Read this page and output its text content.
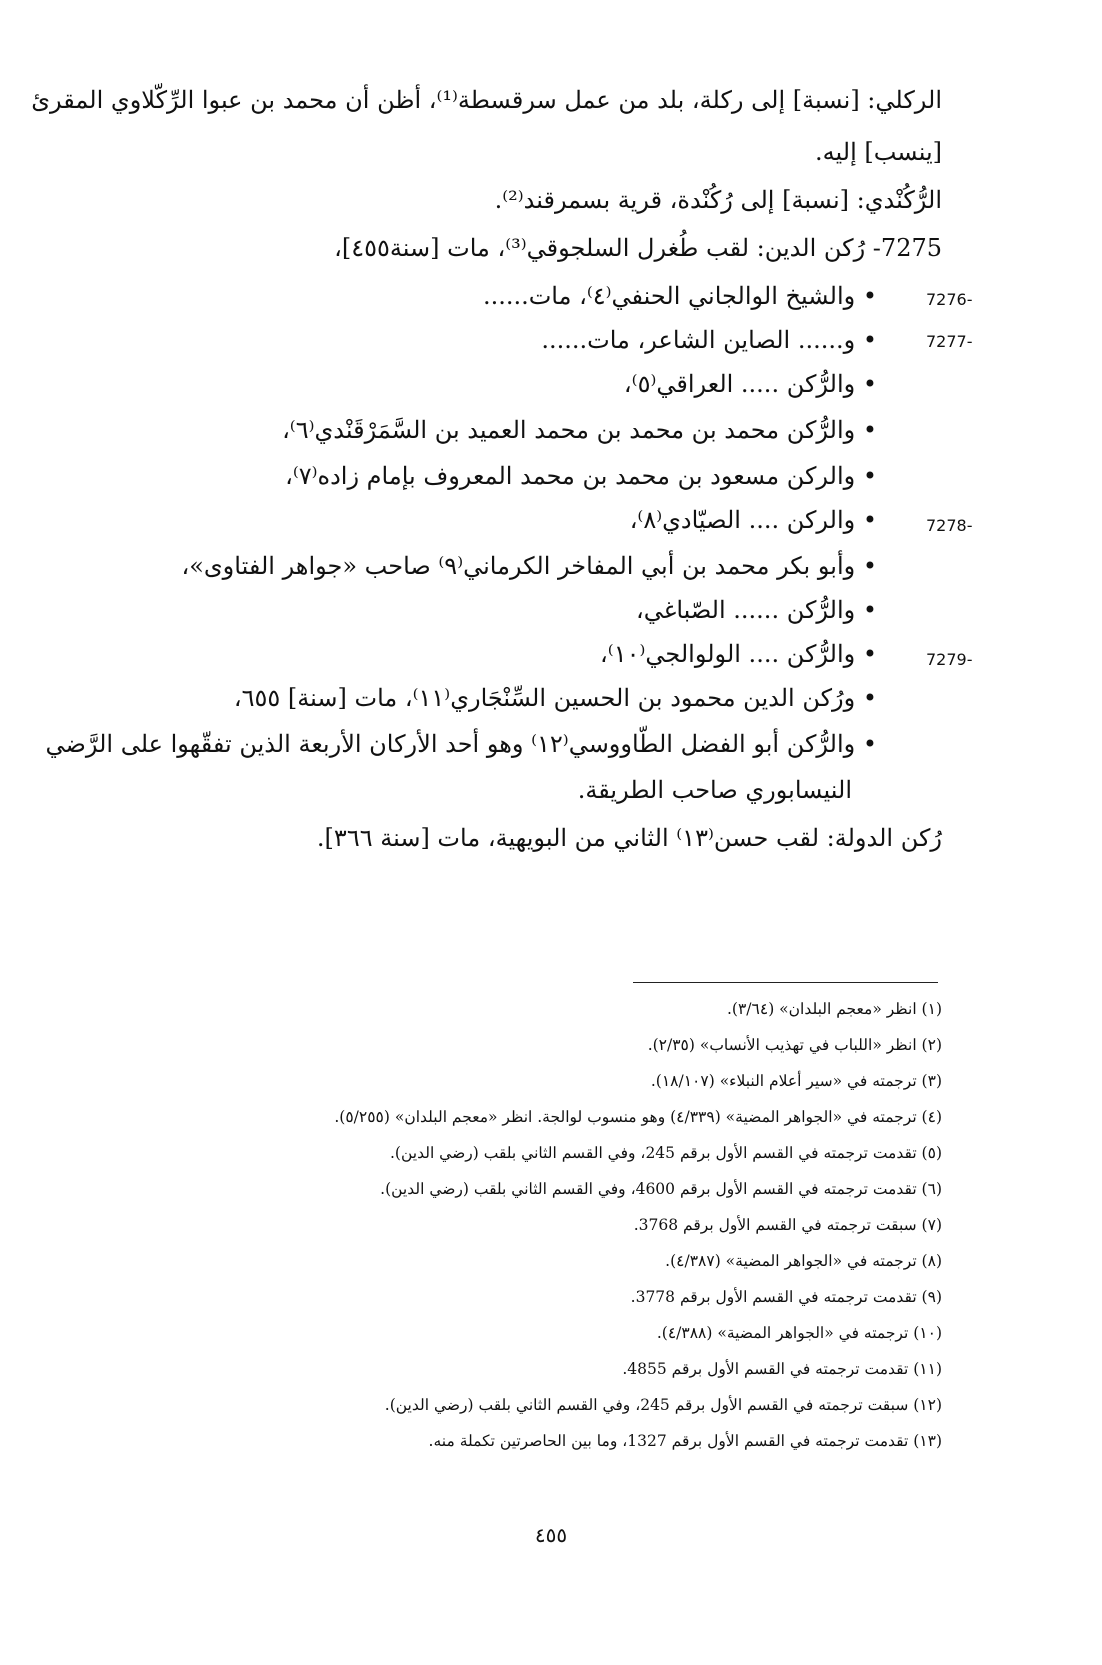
الركلي: [نسبة] إلى ركلة، بلد من عمل سرقسطة⁽¹⁾، أظن أن محمد بن عبوا الرِّكّلاوي المقرئ
[ينسب] إليه.
الرُّكُنْدي: [نسبة] إلى رُكُنْدة، قرية بسمرقند⁽²⁾.
7275- رُكن الدين: لقب طُغرل السلجوقي⁽³⁾، مات [سنة٤٥٥]،
7276-
• والشيخ الوالجاني الحنفي⁽٤⁾، مات......
7277-
• و...... الصاين الشاعر، مات......
• والرُّكن ..... العراقي⁽٥⁾،
• والرُّكن محمد بن محمد بن محمد العميد بن السَّمَرْقَنْدي⁽٦⁾،
• والركن مسعود بن محمد بن محمد المعروف بإمام زاده⁽٧⁾،
7278-
• والركن .... الصيّادي⁽٨⁾،
• وأبو بكر محمد بن أبي المفاخر الكرماني⁽٩⁾ صاحب «جواهر الفتاوى»،
• والرُّكن ...... الصّباغي،
7279-
• والرُّكن .... الولوالجي⁽١٠⁾،
• ورُكن الدين محمود بن الحسين السِّنْجَاري⁽١١⁾، مات [سنة] ٦٥٥،
• والرُّكن أبو الفضل الطّاووسي⁽١٢⁾ وهو أحد الأركان الأربعة الذين تفقّهوا على الرَّضي
النيسابوري صاحب الطريقة.
رُكن الدولة: لقب حسن⁽١٣⁾ الثاني من البويهية، مات [سنة ٣٦٦].
(١) انظر «معجم البلدان» (٣/٦٤).
(٢) انظر «اللباب في تهذيب الأنساب» (٢/٣٥).
(٣) ترجمته في «سير أعلام النبلاء» (١٨/١٠٧).
(٤) ترجمته في «الجواهر المضية» (٤/٣٣٩) وهو منسوب لوالجة. انظر «معجم البلدان» (٥/٢٥٥).
(٥) تقدمت ترجمته في القسم الأول برقم 245، وفي القسم الثاني بلقب (رضي الدين).
(٦) تقدمت ترجمته في القسم الأول برقم 4600، وفي القسم الثاني بلقب (رضي الدين).
(٧) سبقت ترجمته في القسم الأول برقم 3768.
(٨) ترجمته في «الجواهر المضية» (٤/٣٨٧).
(٩) تقدمت ترجمته في القسم الأول برقم 3778.
(١٠) ترجمته في «الجواهر المضية» (٤/٣٨٨).
(١١) تقدمت ترجمته في القسم الأول برقم 4855.
(١٢) سبقت ترجمته في القسم الأول برقم 245، وفي القسم الثاني بلقب (رضي الدين).
(١٣) تقدمت ترجمته في القسم الأول برقم 1327، وما بين الحاصرتين تكملة منه.
٤٥٥
